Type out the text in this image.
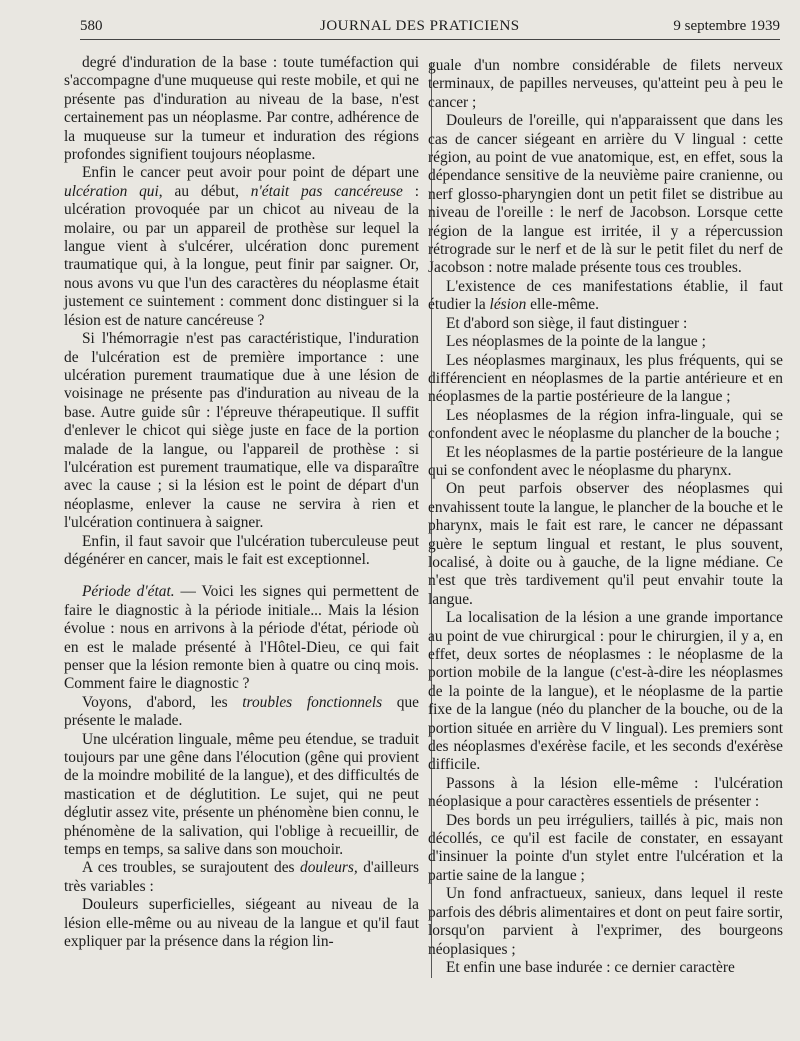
580	JOURNAL DES PRATICIENS	9 septembre 1939

degré d'induration de la base : toute tuméfaction qui s'accompagne d'une muqueuse qui reste mobile, et qui ne présente pas d'induration au niveau de la base, n'est certainement pas un néoplasme. Par contre, adhérence de la muqueuse sur la tumeur et induration des régions profondes signifient toujours néoplasme.

Enfin le cancer peut avoir pour point de départ une ulcération qui, au début, n'était pas cancéreuse : ulcération provoquée par un chicot au niveau de la molaire, ou par un appareil de prothèse sur lequel la langue vient à s'ulcérer, ulcération donc purement traumatique qui, à la longue, peut finir par saigner. Or, nous avons vu que l'un des caractères du néoplasme était justement ce suintement : comment donc distinguer si la lésion est de nature cancéreuse ?

Si l'hémorragie n'est pas caractéristique, l'induration de l'ulcération est de première importance : une ulcération purement traumatique due à une lésion de voisinage ne présente pas d'induration au niveau de la base. Autre guide sûr : l'épreuve thérapeutique. Il suffit d'enlever le chicot qui siège juste en face de la portion malade de la langue, ou l'appareil de prothèse : si l'ulcération est purement traumatique, elle va disparaître avec la cause ; si la lésion est le point de départ d'un néoplasme, enlever la cause ne servira à rien et l'ulcération continuera à saigner.

Enfin, il faut savoir que l'ulcération tuberculeuse peut dégénérer en cancer, mais le fait est exceptionnel.

Période d'état. — Voici les signes qui permettent de faire le diagnostic à la période initiale... Mais la lésion évolue : nous en arrivons à la période d'état, période où en est le malade présenté à l'Hôtel-Dieu, ce qui fait penser que la lésion remonte bien à quatre ou cinq mois. Comment faire le diagnostic ?

Voyons, d'abord, les troubles fonctionnels que présente le malade.

Une ulcération linguale, même peu étendue, se traduit toujours par une gêne dans l'élocution (gêne qui provient de la moindre mobilité de la langue), et des difficultés de mastication et de déglutition. Le sujet, qui ne peut déglutir assez vite, présente un phénomène bien connu, le phénomène de la salivation, qui l'oblige à recueillir, de temps en temps, sa salive dans son mouchoir.

A ces troubles, se surajoutent des douleurs, d'ailleurs très variables :

Douleurs superficielles, siégeant au niveau de la lésion elle-même ou au niveau de la langue et qu'il faut expliquer par la présence dans la région lin-

guale d'un nombre considérable de filets nerveux terminaux, de papilles nerveuses, qu'atteint peu à peu le cancer ;

Douleurs de l'oreille, qui n'apparaissent que dans les cas de cancer siégeant en arrière du V lingual : cette région, au point de vue anatomique, est, en effet, sous la dépendance sensitive de la neuvième paire cranienne, ou nerf glosso-pharyngien dont un petit filet se distribue au niveau de l'oreille : le nerf de Jacobson. Lorsque cette région de la langue est irritée, il y a répercussion rétrograde sur le nerf et de là sur le petit filet du nerf de Jacobson : notre malade présente tous ces troubles.

L'existence de ces manifestations établie, il faut étudier la lésion elle-même.

Et d'abord son siège, il faut distinguer :

Les néoplasmes de la pointe de la langue ;

Les néoplasmes marginaux, les plus fréquents, qui se différencient en néoplasmes de la partie antérieure et en néoplasmes de la partie postérieure de la langue ;

Les néoplasmes de la région infra-linguale, qui se confondent avec le néoplasme du plancher de la bouche ;

Et les néoplasmes de la partie postérieure de la langue qui se confondent avec le néoplasme du pharynx.

On peut parfois observer des néoplasmes qui envahissent toute la langue, le plancher de la bouche et le pharynx, mais le fait est rare, le cancer ne dépassant guère le septum lingual et restant, le plus souvent, localisé, à doite ou à gauche, de la ligne médiane. Ce n'est que très tardivement qu'il peut envahir toute la langue.

La localisation de la lésion a une grande importance au point de vue chirurgical : pour le chirurgien, il y a, en effet, deux sortes de néoplasmes : le néoplasme de la portion mobile de la langue (c'est-à-dire les néoplasmes de la pointe de la langue), et le néoplasme de la partie fixe de la langue (néo du plancher de la bouche, ou de la portion située en arrière du V lingual). Les premiers sont des néoplasmes d'exérèse facile, et les seconds d'exérèse difficile.

Passons à la lésion elle-même : l'ulcération néoplasique a pour caractères essentiels de présenter :

Des bords un peu irréguliers, taillés à pic, mais non décollés, ce qu'il est facile de constater, en essayant d'insinuer la pointe d'un stylet entre l'ulcération et la partie saine de la langue ;

Un fond anfractueux, sanieux, dans lequel il reste parfois des débris alimentaires et dont on peut faire sortir, lorsqu'on parvient à l'exprimer, des bourgeons néoplasiques ;

Et enfin une base indurée : ce dernier caractère
